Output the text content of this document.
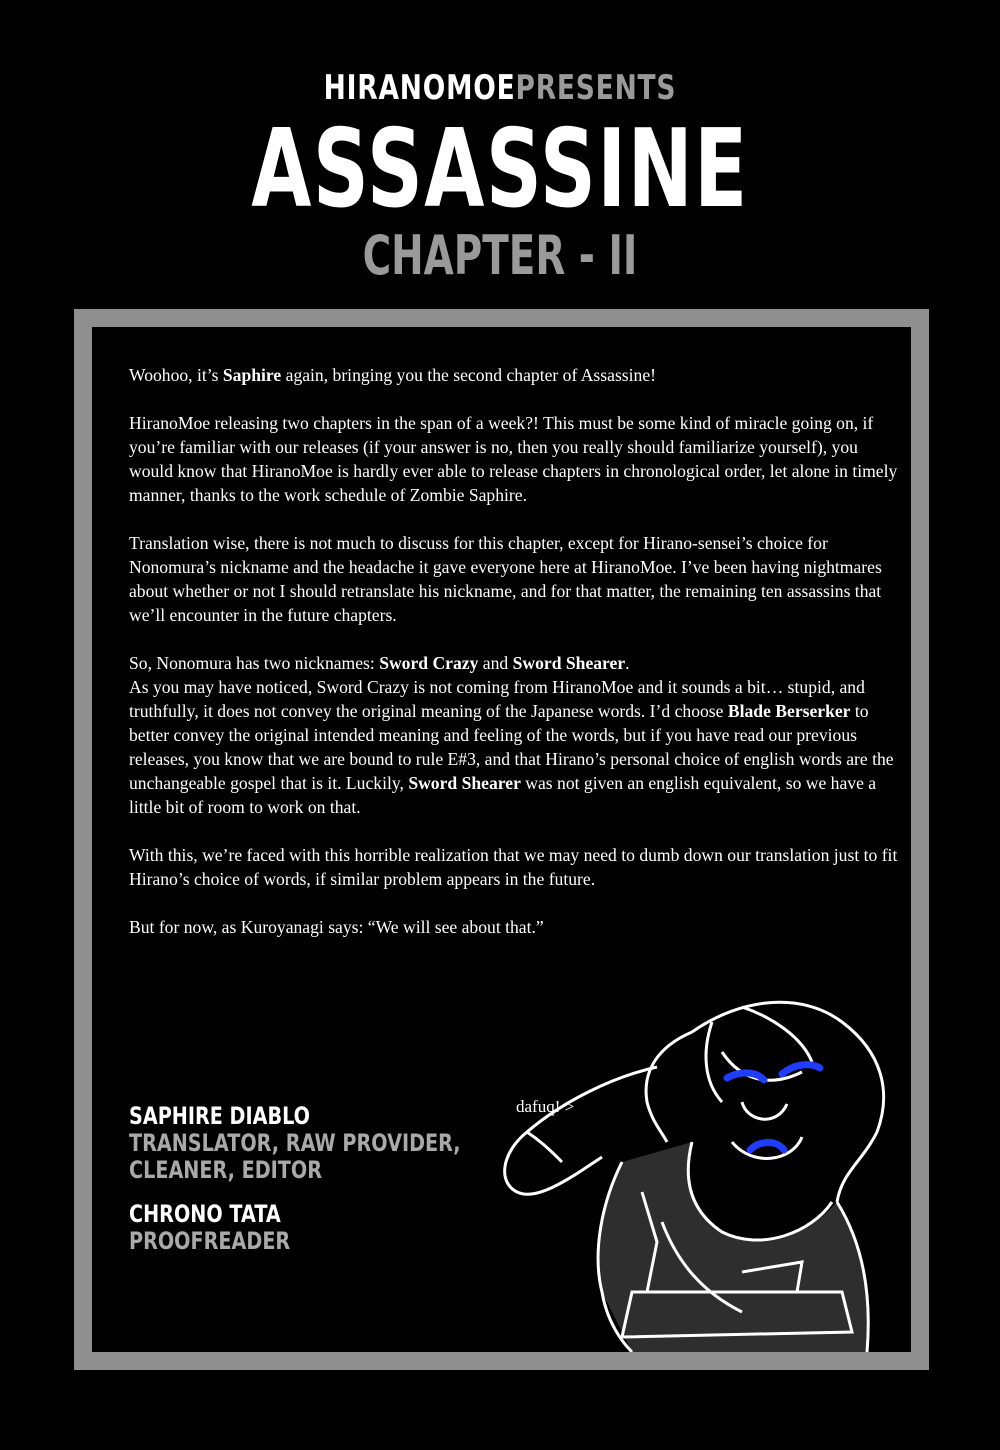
HIRANOMOEPRESENTS
ASSASSINE
CHAPTER - II

Woohoo, it’s Saphire again, bringing you the second chapter of Assassine!

HiranoMoe releasing two chapters in the span of a week?! This must be some kind of miracle going on, if you’re familiar with our releases (if your answer is no, then you really should familiarize yourself), you would know that HiranoMoe is hardly ever able to release chapters in chronological order, let alone in timely manner, thanks to the work schedule of Zombie Saphire.

Translation wise, there is not much to discuss for this chapter, except for Hirano-sensei’s choice for Nonomura’s nickname and the headache it gave everyone here at HiranoMoe. I’ve been having nightmares about whether or not I should retranslate his nickname, and for that matter, the remaining ten assassins that we’ll encounter in the future chapters.

So, Nonomura has two nicknames: Sword Crazy and Sword Shearer.
As you may have noticed, Sword Crazy is not coming from HiranoMoe and it sounds a bit… stupid, and truthfully, it does not convey the original meaning of the Japanese words. I’d choose Blade Berserker to better convey the original intended meaning and feeling of the words, but if you have read our previous releases, you know that we are bound to rule E#3, and that Hirano’s personal choice of english words are the unchangeable gospel that is it. Luckily, Sword Shearer was not given an english equivalent, so we have a little bit of room to work on that.

With this, we’re faced with this horrible realization that we may need to dumb down our translation just to fit Hirano’s choice of words, if similar problem appears in the future.

But for now, as Kuroyanagi says: “We will see about that.”

dafuq! >
SAPHIRE DIABLO
TRANSLATOR, RAW PROVIDER,
CLEANER, EDITOR
CHRONO TATA
PROOFREADER
